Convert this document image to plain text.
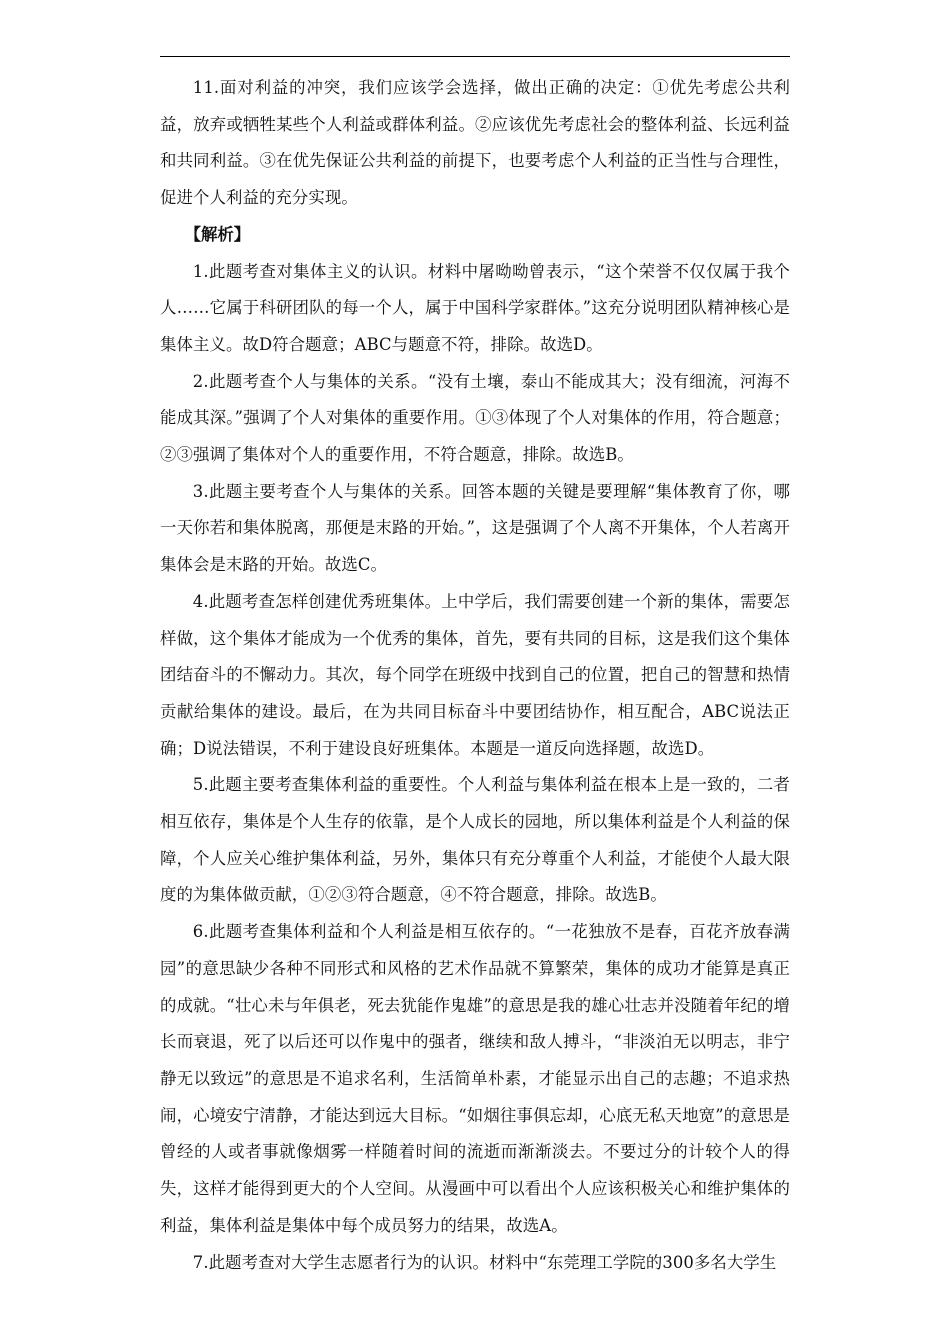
11.面对利益的冲突，我们应该学会选择，做出正确的决定：①优先考虑公共利益，放弃或牺牲某些个人利益或群体利益。②应该优先考虑社会的整体利益、长远利益和共同利益。③在优先保证公共利益的前提下，也要考虑个人利益的正当性与合理性，促进个人利益的充分实现。

【解析】

1.此题考查对集体主义的认识。材料中屠呦呦曾表示，“这个荣誉不仅仅属于我个人……它属于科研团队的每一个人，属于中国科学家群体。”这充分说明团队精神核心是集体主义。故D符合题意；ABC与题意不符，排除。故选D。

2.此题考查个人与集体的关系。“没有土壤，泰山不能成其大；没有细流，河海不能成其深。”强调了个人对集体的重要作用。①③体现了个人对集体的作用，符合题意；②③强调了集体对个人的重要作用，不符合题意，排除。故选B。

3.此题主要考查个人与集体的关系。回答本题的关键是要理解“集体教育了你，哪一天你若和集体脱离，那便是末路的开始。”，这是强调了个人离不开集体，个人若离开集体会是末路的开始。故选C。

4.此题考查怎样创建优秀班集体。上中学后，我们需要创建一个新的集体，需要怎样做，这个集体才能成为一个优秀的集体，首先，要有共同的目标，这是我们这个集体团结奋斗的不懈动力。其次，每个同学在班级中找到自己的位置，把自己的智慧和热情贡献给集体的建设。最后，在为共同目标奋斗中要团结协作，相互配合，ABC说法正确；D说法错误，不利于建设良好班集体。本题是一道反向选择题，故选D。

5.此题主要考查集体利益的重要性。个人利益与集体利益在根本上是一致的，二者相互依存，集体是个人生存的依靠，是个人成长的园地，所以集体利益是个人利益的保障，个人应关心维护集体利益，另外，集体只有充分尊重个人利益，才能使个人最大限度的为集体做贡献，①②③符合题意，④不符合题意，排除。故选B。

6.此题考查集体利益和个人利益是相互依存的。“一花独放不是春，百花齐放春满园”的意思缺少各种不同形式和风格的艺术作品就不算繁荣，集体的成功才能算是真正的成就。“壮心未与年俱老，死去犹能作鬼雄”的意思是我的雄心壮志并没随着年纪的增长而衰退，死了以后还可以作鬼中的强者，继续和敌人搏斗，“非淡泊无以明志，非宁静无以致远”的意思是不追求名利，生活简单朴素，才能显示出自己的志趣；不追求热闹，心境安宁清静，才能达到远大目标。“如烟往事俱忘却，心底无私天地宽”的意思是曾经的人或者事就像烟雾一样随着时间的流逝而渐渐淡去。不要过分的计较个人的得失，这样才能得到更大的个人空间。从漫画中可以看出个人应该积极关心和维护集体的利益，集体利益是集体中每个成员努力的结果，故选A。

7.此题考查对大学生志愿者行为的认识。材料中“东莞理工学院的300多名大学生
